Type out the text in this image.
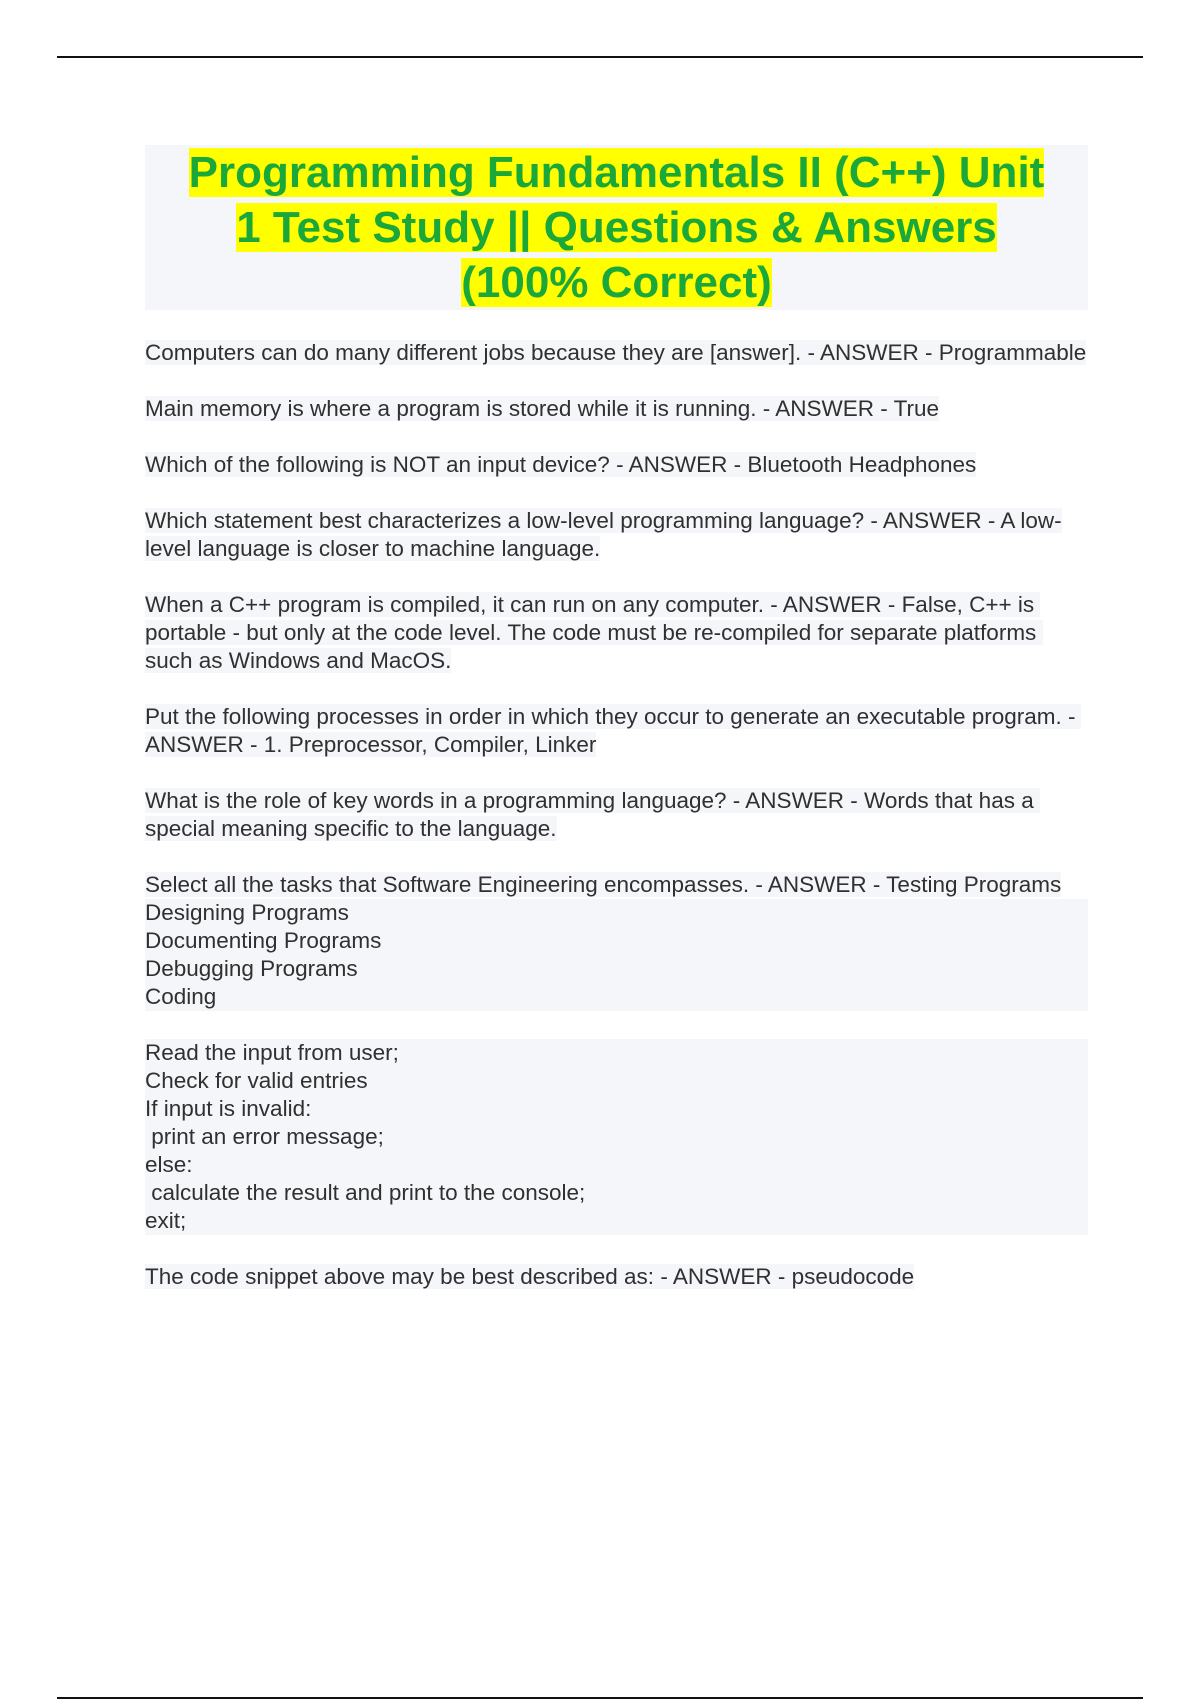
Programming Fundamentals II (C++) Unit
1 Test Study || Questions & Answers
(100% Correct)

Computers can do many different jobs because they are [answer]. - ANSWER - Programmable

Main memory is where a program is stored while it is running. - ANSWER - True

Which of the following is NOT an input device? - ANSWER - Bluetooth Headphones

Which statement best characterizes a low-level programming language? - ANSWER - A low-level language is closer to machine language.

When a C++ program is compiled, it can run on any computer. - ANSWER - False, C++ is portable - but only at the code level. The code must be re-compiled for separate platforms such as Windows and MacOS.

Put the following processes in order in which they occur to generate an executable program. - ANSWER - 1. Preprocessor, Compiler, Linker

What is the role of key words in a programming language? - ANSWER - Words that has a special meaning specific to the language.

Select all the tasks that Software Engineering encompasses. - ANSWER - Testing Programs

Designing Programs
Documenting Programs
Debugging Programs
Coding
Read the input from user;
Check for valid entries
If input is invalid:
print an error message;
else:
calculate the result and print to the console;
exit;

The code snippet above may be best described as: - ANSWER - pseudocode
